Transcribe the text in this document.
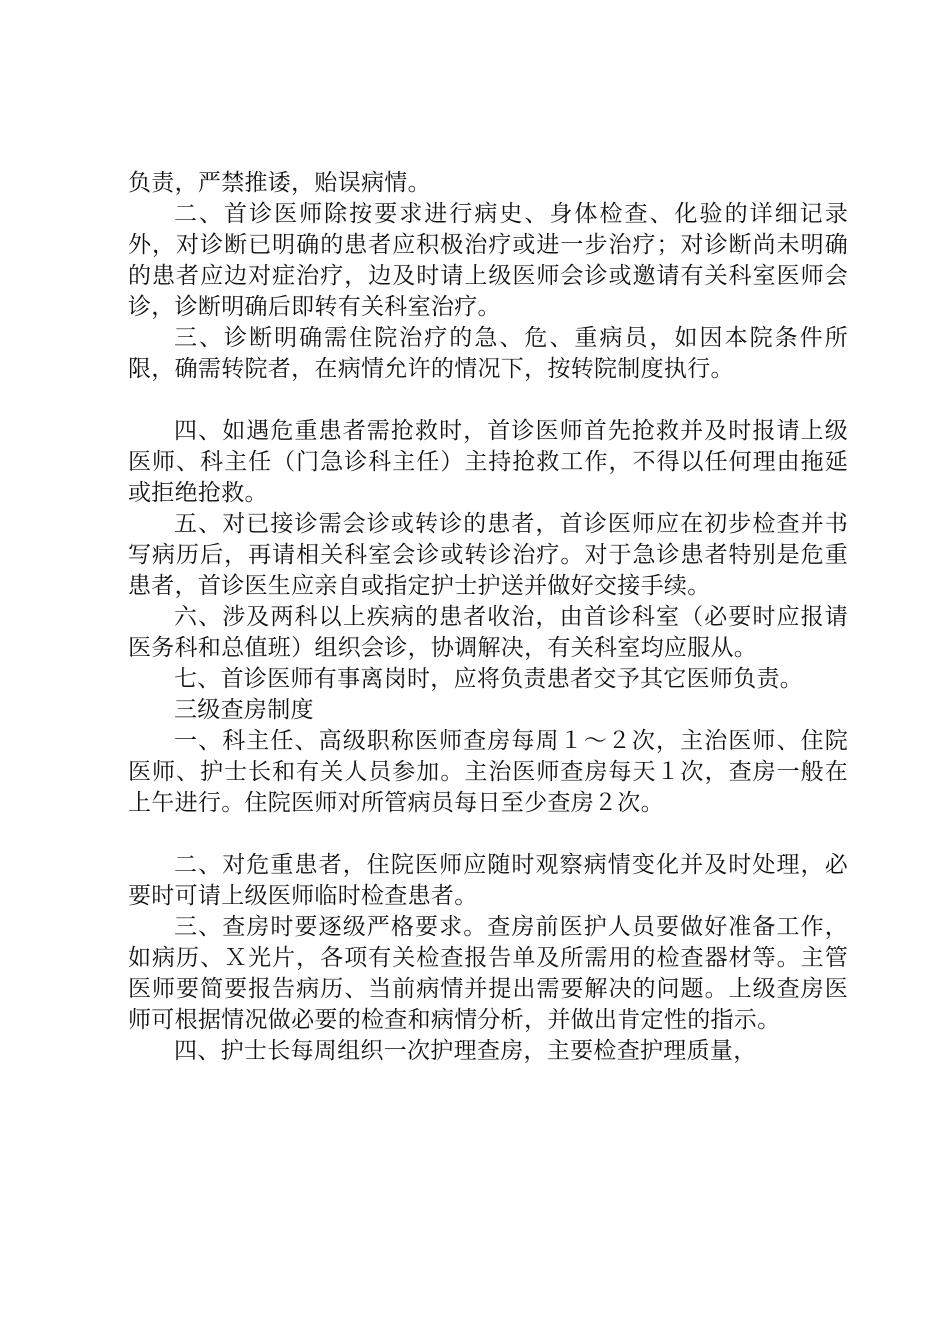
负责，严禁推诿，贻误病情。

二、首诊医师除按要求进行病史、身体检查、化验的详细记录外，对诊断已明确的患者应积极治疗或进一步治疗；对诊断尚未明确的患者应边对症治疗，边及时请上级医师会诊或邀请有关科室医师会诊，诊断明确后即转有关科室治疗。

三、诊断明确需住院治疗的急、危、重病员，如因本院条件所限，确需转院者，在病情允许的情况下，按转院制度执行。

四、如遇危重患者需抢救时，首诊医师首先抢救并及时报请上级医师、科主任（门急诊科主任）主持抢救工作，不得以任何理由拖延或拒绝抢救。

五、对已接诊需会诊或转诊的患者，首诊医师应在初步检查并书写病历后，再请相关科室会诊或转诊治疗。对于急诊患者特别是危重患者，首诊医生应亲自或指定护士护送并做好交接手续。

六、涉及两科以上疾病的患者收治，由首诊科室（必要时应报请医务科和总值班）组织会诊，协调解决，有关科室均应服从。

七、首诊医师有事离岗时，应将负责患者交予其它医师负责。

三级查房制度

一、科主任、高级职称医师查房每周１～２次，主治医师、住院医师、护士长和有关人员参加。主治医师查房每天１次，查房一般在上午进行。住院医师对所管病员每日至少查房２次。

二、对危重患者，住院医师应随时观察病情变化并及时处理，必要时可请上级医师临时检查患者。

三、查房时要逐级严格要求。查房前医护人员要做好准备工作，如病历、Ｘ光片，各项有关检查报告单及所需用的检查器材等。主管医师要简要报告病历、当前病情并提出需要解决的问题。上级查房医师可根据情况做必要的检查和病情分析，并做出肯定性的指示。

四、护士长每周组织一次护理查房，主要检查护理质量，
